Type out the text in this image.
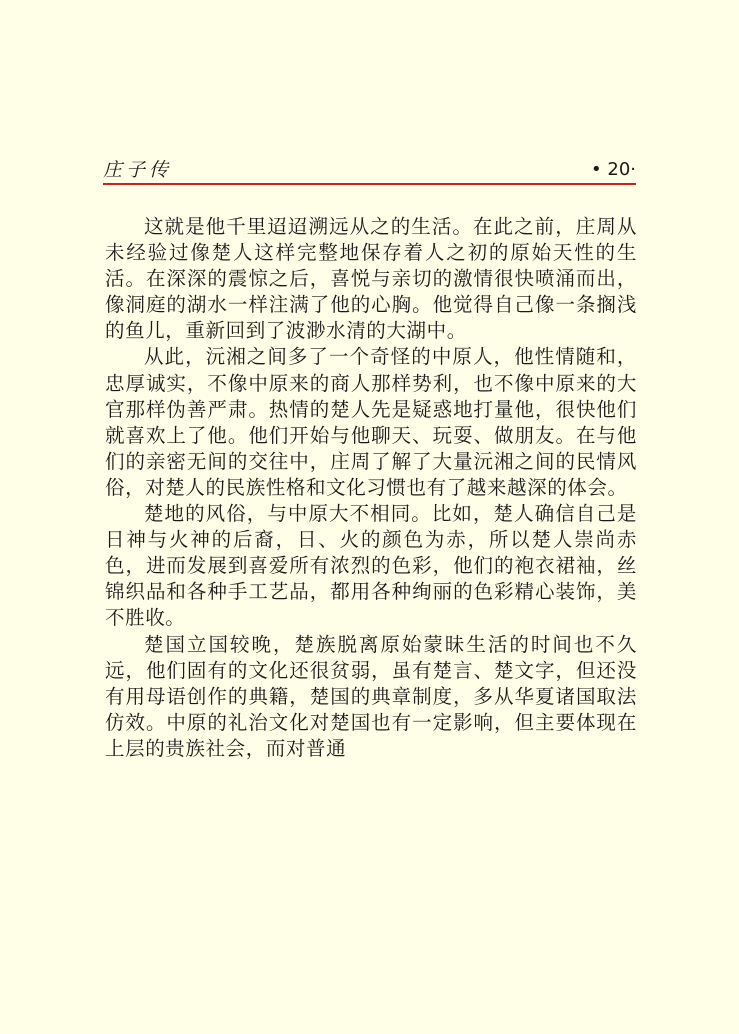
庄子传	• 20·

这就是他千里迢迢溯远从之的生活。在此之前，庄周从未经验过像楚人这样完整地保存着人之初的原始天性的生活。在深深的震惊之后，喜悦与亲切的激情很快喷涌而出，像洞庭的湖水一样注满了他的心胸。他觉得自己像一条搁浅的鱼儿，重新回到了波渺水清的大湖中。

从此，沅湘之间多了一个奇怪的中原人，他性情随和，忠厚诚实，不像中原来的商人那样势利，也不像中原来的大官那样伪善严肃。热情的楚人先是疑惑地打量他，很快他们就喜欢上了他。他们开始与他聊天、玩耍、做朋友。在与他们的亲密无间的交往中，庄周了解了大量沅湘之间的民情风俗，对楚人的民族性格和文化习惯也有了越来越深的体会。

楚地的风俗，与中原大不相同。比如，楚人确信自己是日神与火神的后裔，日、火的颜色为赤，所以楚人崇尚赤色，进而发展到喜爱所有浓烈的色彩，他们的袍衣裙袖，丝锦织品和各种手工艺品，都用各种绚丽的色彩精心装饰，美不胜收。

楚国立国较晚，楚族脱离原始蒙昧生活的时间也不久远，他们固有的文化还很贫弱，虽有楚言、楚文字，但还没有用母语创作的典籍，楚国的典章制度，多从华夏诸国取法仿效。中原的礼治文化对楚国也有一定影响，但主要体现在上层的贵族社会，而对普通
